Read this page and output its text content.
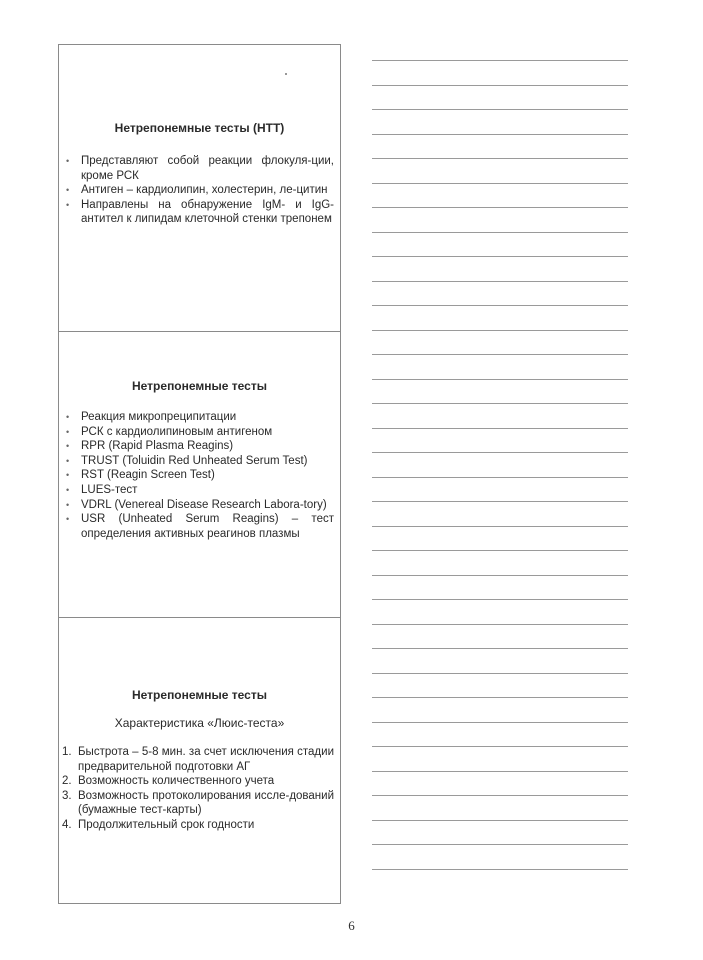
Нетрепонемные тесты (НТТ)
• Представляют собой реакции флокуля-ции, кроме РСК
• Антиген – кардиолипин, холестерин, ле-цитин
• Направлены на обнаружение IgM- и IgG-антител к липидам клеточной стенки трепонем
Нетрепонемные тесты
• Реакция микропреципитации
• РСК с кардиолипиновым антигеном
• RPR (Rapid Plasma Reagins)
• TRUST (Toluidin Red Unheated Serum Test)
• RST (Reagin Screen Test)
• LUES-тест
• VDRL (Venereal Disease Research Labora-tory)
• USR (Unheated Serum Reagins) – тест определения активных реагинов плазмы
Нетрепонемные тесты

Характеристика «Люис-теста»

1. Быстрота – 5-8 мин. за счет исключения стадии предварительной подготовки АГ
2. Возможность количественного учета
3. Возможность протоколирования иссле-дований (бумажные тест-карты)
4. Продолжительный срок годности
6
